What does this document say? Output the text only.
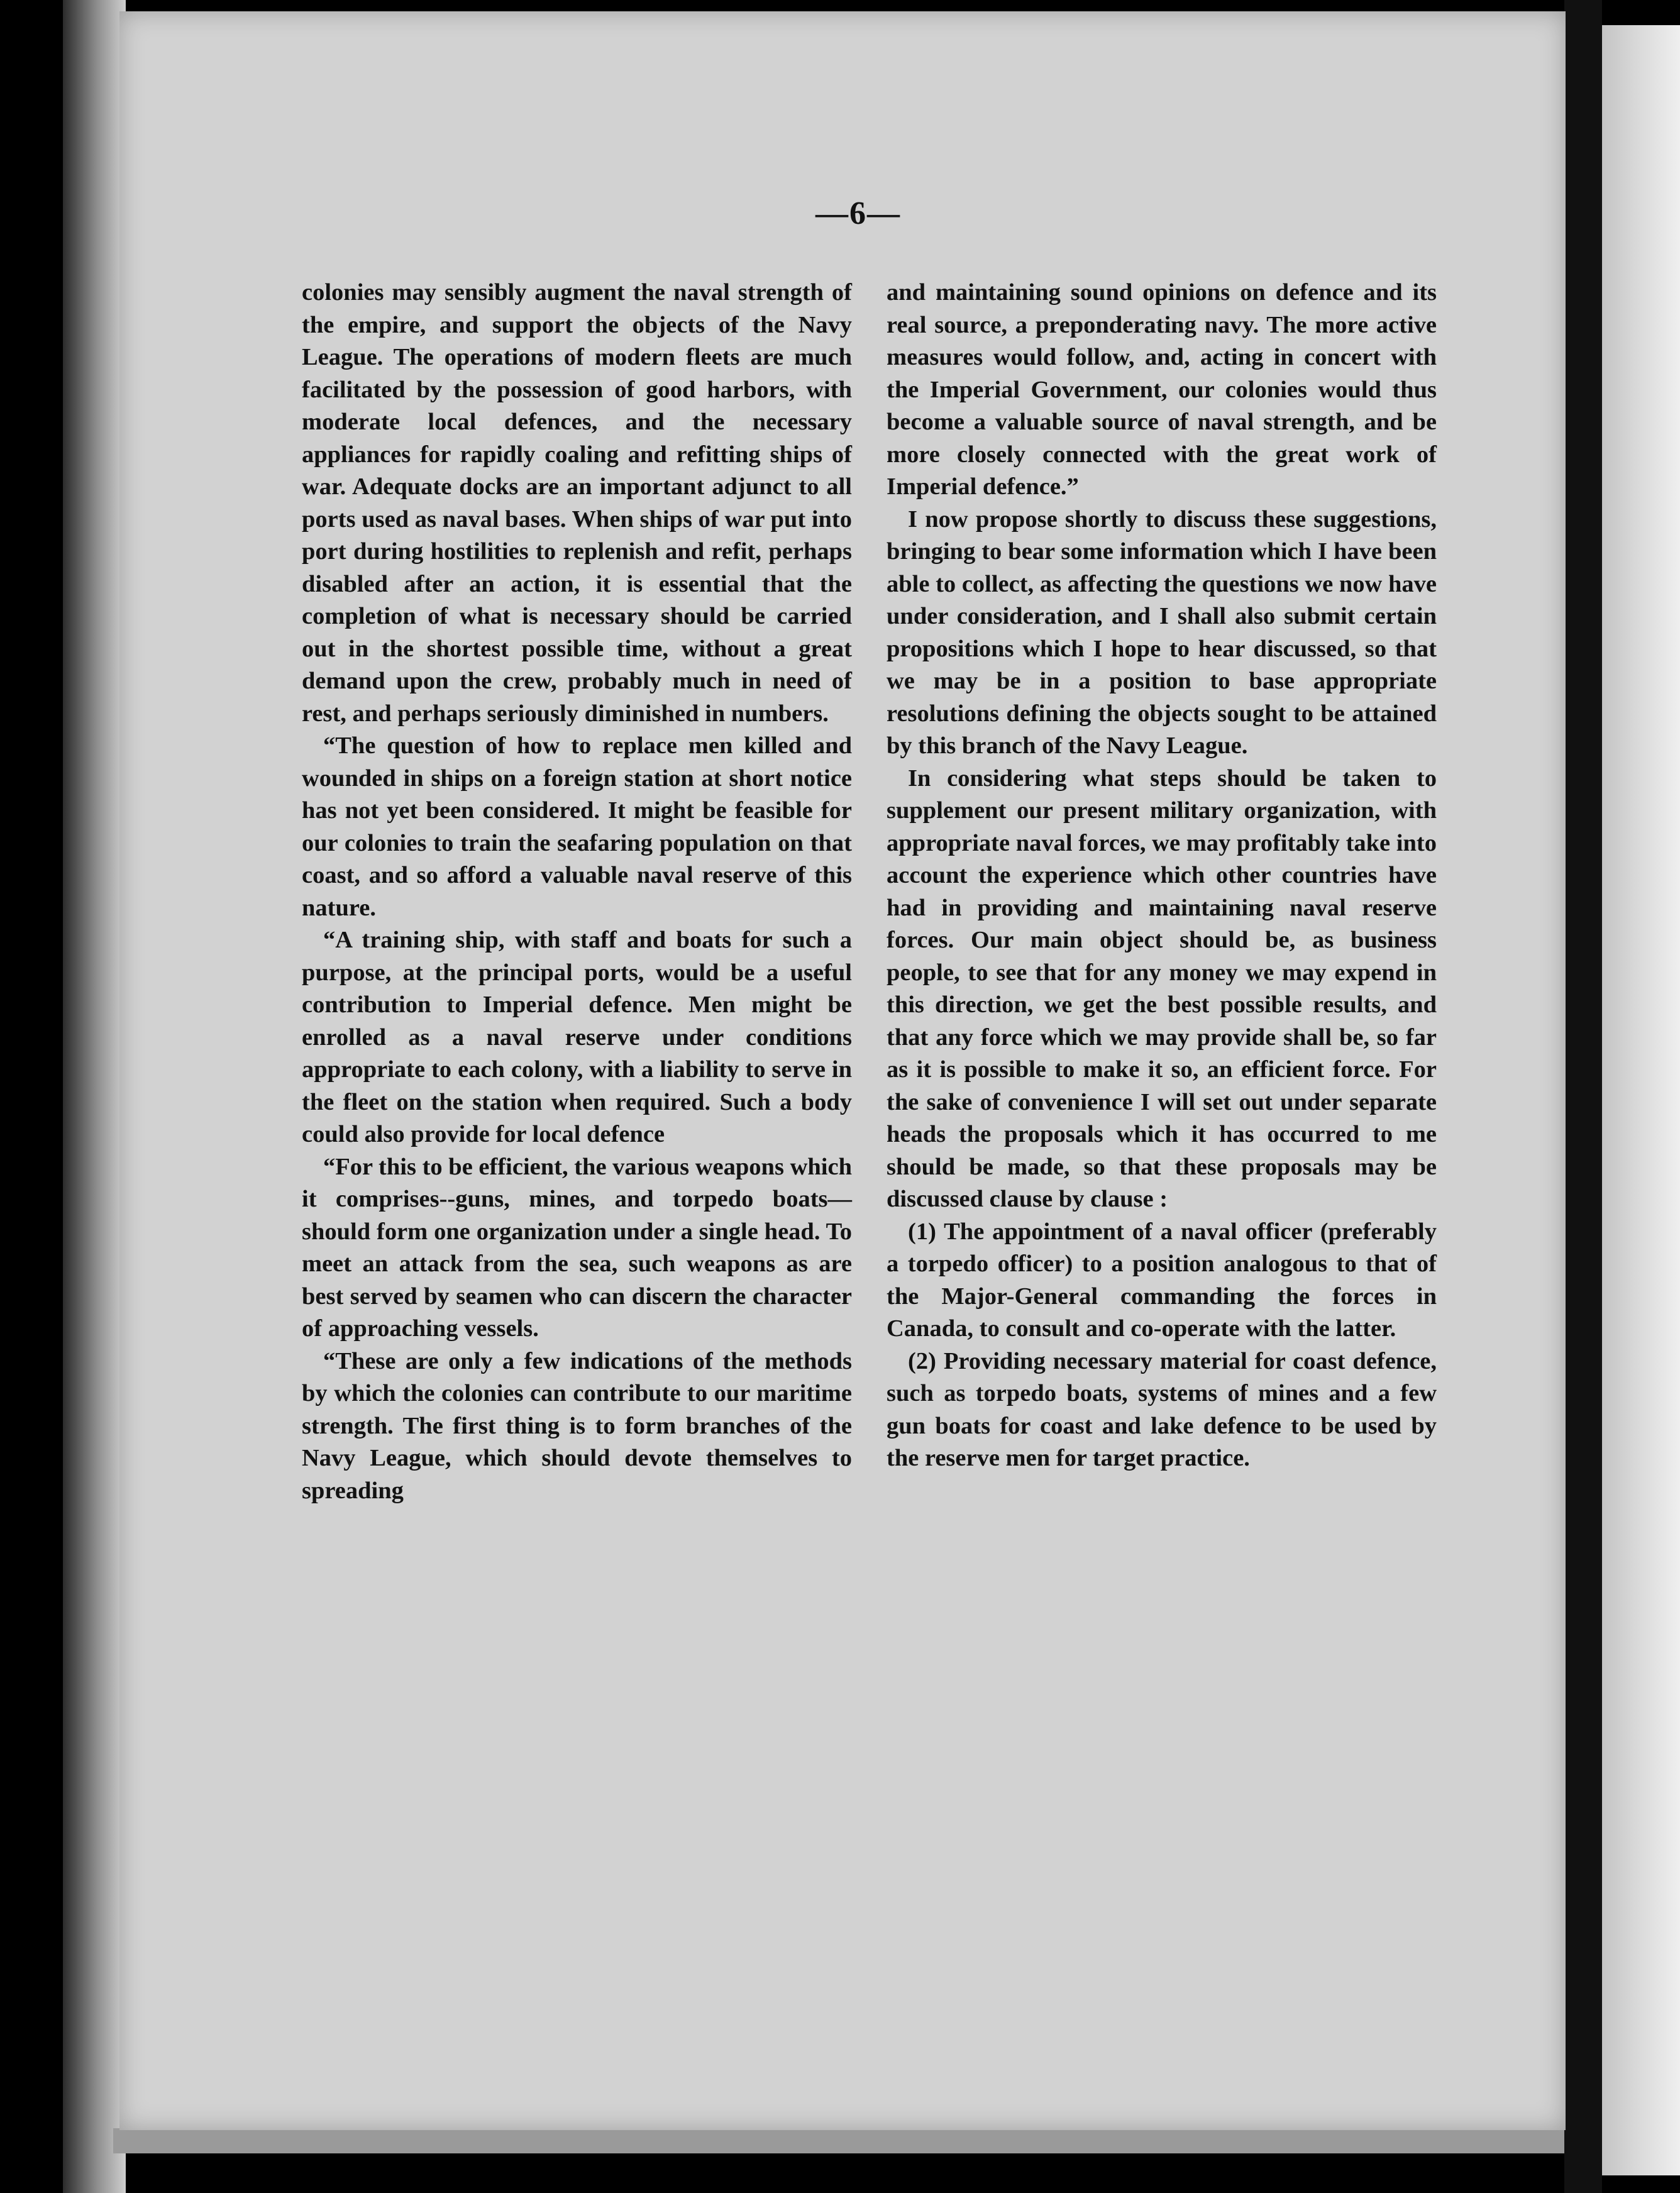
—6—

colonies may sensibly augment the naval strength of the empire, and support the objects of the Navy League. The operations of modern fleets are much facilitated by the possession of good harbors, with moderate local defences, and the necessary appliances for rapidly coaling and refitting ships of war. Adequate docks are an important adjunct to all ports used as naval bases. When ships of war put into port during hostilities to replenish and refit, perhaps disabled after an action, it is essential that the completion of what is necessary should be carried out in the shortest possible time, without a great demand upon the crew, probably much in need of rest, and perhaps seriously diminished in numbers.

“The question of how to replace men killed and wounded in ships on a foreign station at short notice has not yet been considered. It might be feasible for our colonies to train the seafaring population on that coast, and so afford a valuable naval reserve of this nature.

“A training ship, with staff and boats for such a purpose, at the principal ports, would be a useful contribution to Imperial defence. Men might be enrolled as a naval reserve under conditions appropriate to each colony, with a liability to serve in the fleet on the station when required. Such a body could also provide for local defence

“For this to be efficient, the various weapons which it comprises--guns, mines, and torpedo boats—should form one organization under a single head. To meet an attack from the sea, such weapons as are best served by seamen who can discern the character of approaching vessels.

“These are only a few indications of the methods by which the colonies can contribute to our maritime strength. The first thing is to form branches of the Navy League, which should devote themselves to spreading

and maintaining sound opinions on defence and its real source, a preponderating navy. The more active measures would follow, and, acting in concert with the Imperial Government, our colonies would thus become a valuable source of naval strength, and be more closely connected with the great work of Imperial defence.”

I now propose shortly to discuss these suggestions, bringing to bear some information which I have been able to collect, as affecting the questions we now have under consideration, and I shall also submit certain propositions which I hope to hear discussed, so that we may be in a position to base appropriate resolutions defining the objects sought to be attained by this branch of the Navy League.

In considering what steps should be taken to supplement our present military organization, with appropriate naval forces, we may profitably take into account the experience which other countries have had in providing and maintaining naval reserve forces. Our main object should be, as business people, to see that for any money we may expend in this direction, we get the best possible results, and that any force which we may provide shall be, so far as it is possible to make it so, an efficient force. For the sake of convenience I will set out under separate heads the proposals which it has occurred to me should be made, so that these proposals may be discussed clause by clause :

(1) The appointment of a naval officer (preferably a torpedo officer) to a position analogous to that of the Major-General commanding the forces in Canada, to consult and co-operate with the latter.

(2) Providing necessary material for coast defence, such as torpedo boats, systems of mines and a few gun boats for coast and lake defence to be used by the reserve men for target practice.
